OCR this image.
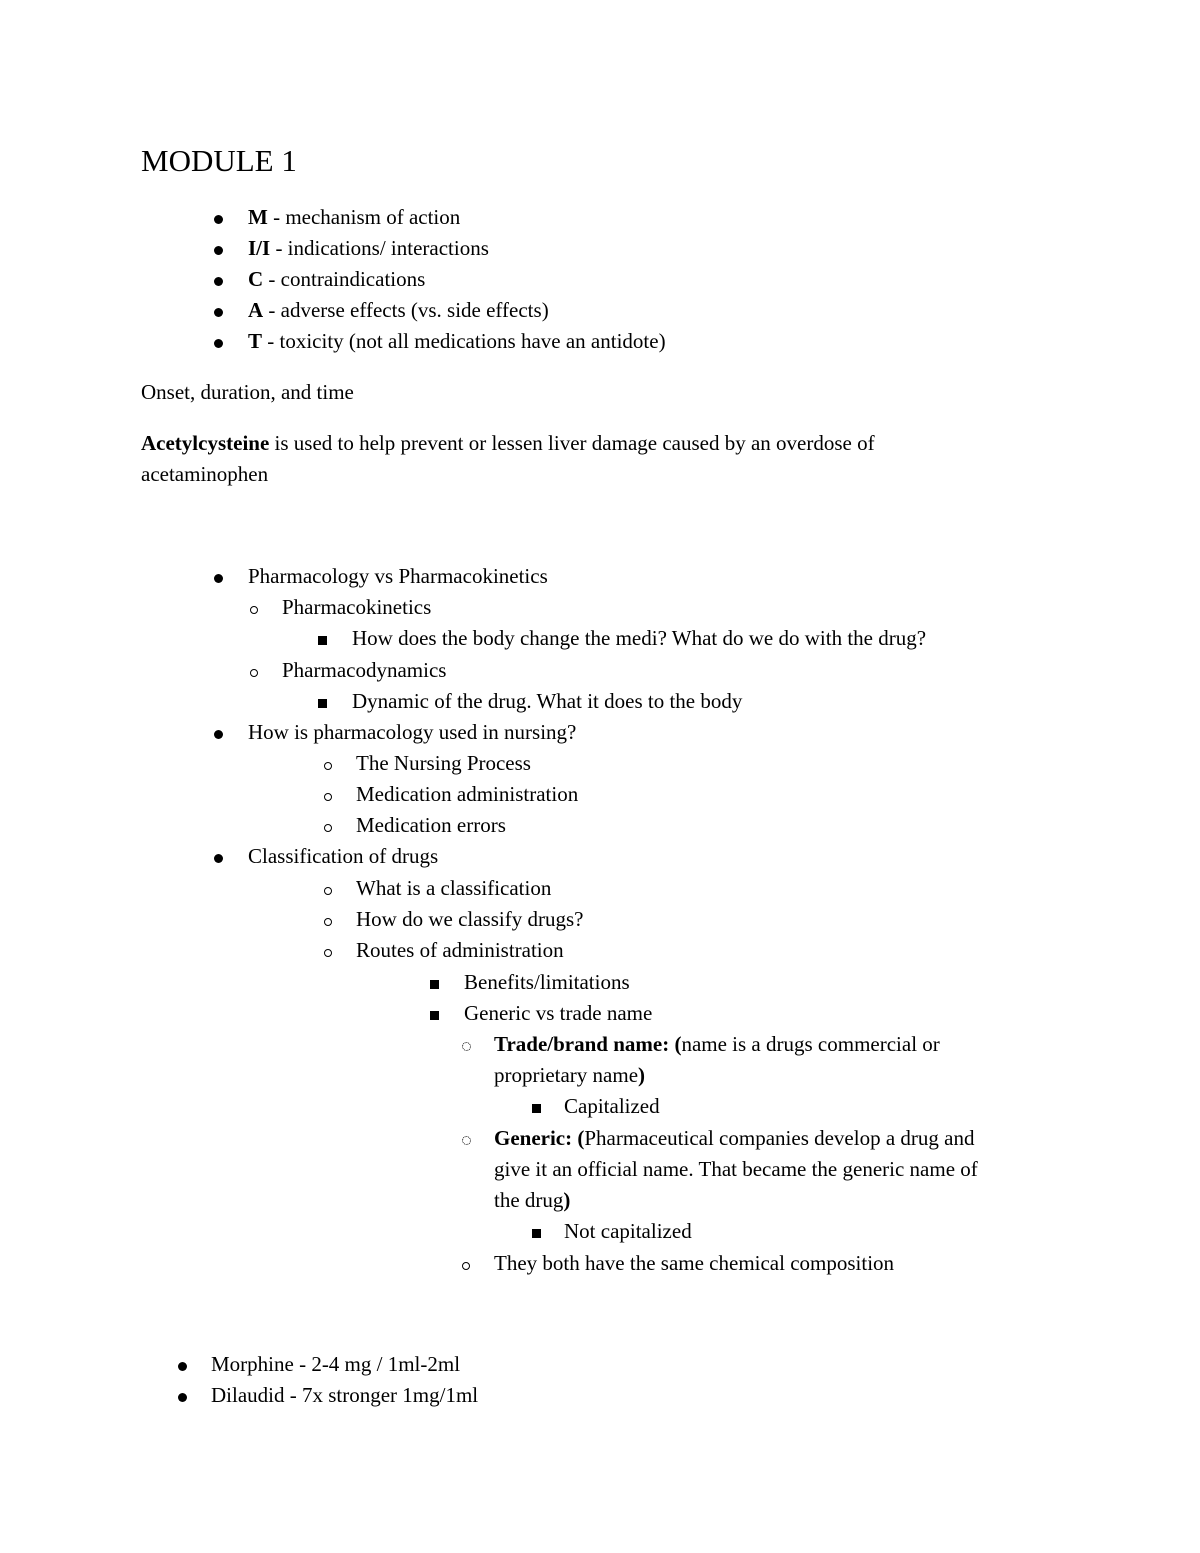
MODULE 1
M - mechanism of action
I/I - indications/ interactions
C - contraindications
A - adverse effects (vs. side effects)
T - toxicity (not all medications have an antidote)
Onset, duration, and time
Acetylcysteine is used to help prevent or lessen liver damage caused by an overdose of
acetaminophen
Pharmacology vs Pharmacokinetics
Pharmacokinetics
How does the body change the medi? What do we do with the drug?
Pharmacodynamics
Dynamic of the drug. What it does to the body
How is pharmacology used in nursing?
The Nursing Process
Medication administration
Medication errors
Classification of drugs
What is a classification
How do we classify drugs?
Routes of administration
Benefits/limitations
Generic vs trade name
Trade/brand name: (name is a drugs commercial or
proprietary name)
Capitalized
Generic: (Pharmaceutical companies develop a drug and
give it an official name. That became the generic name of
the drug)
Not capitalized
They both have the same chemical composition
Morphine - 2-4 mg / 1ml-2ml
Dilaudid - 7x stronger 1mg/1ml
